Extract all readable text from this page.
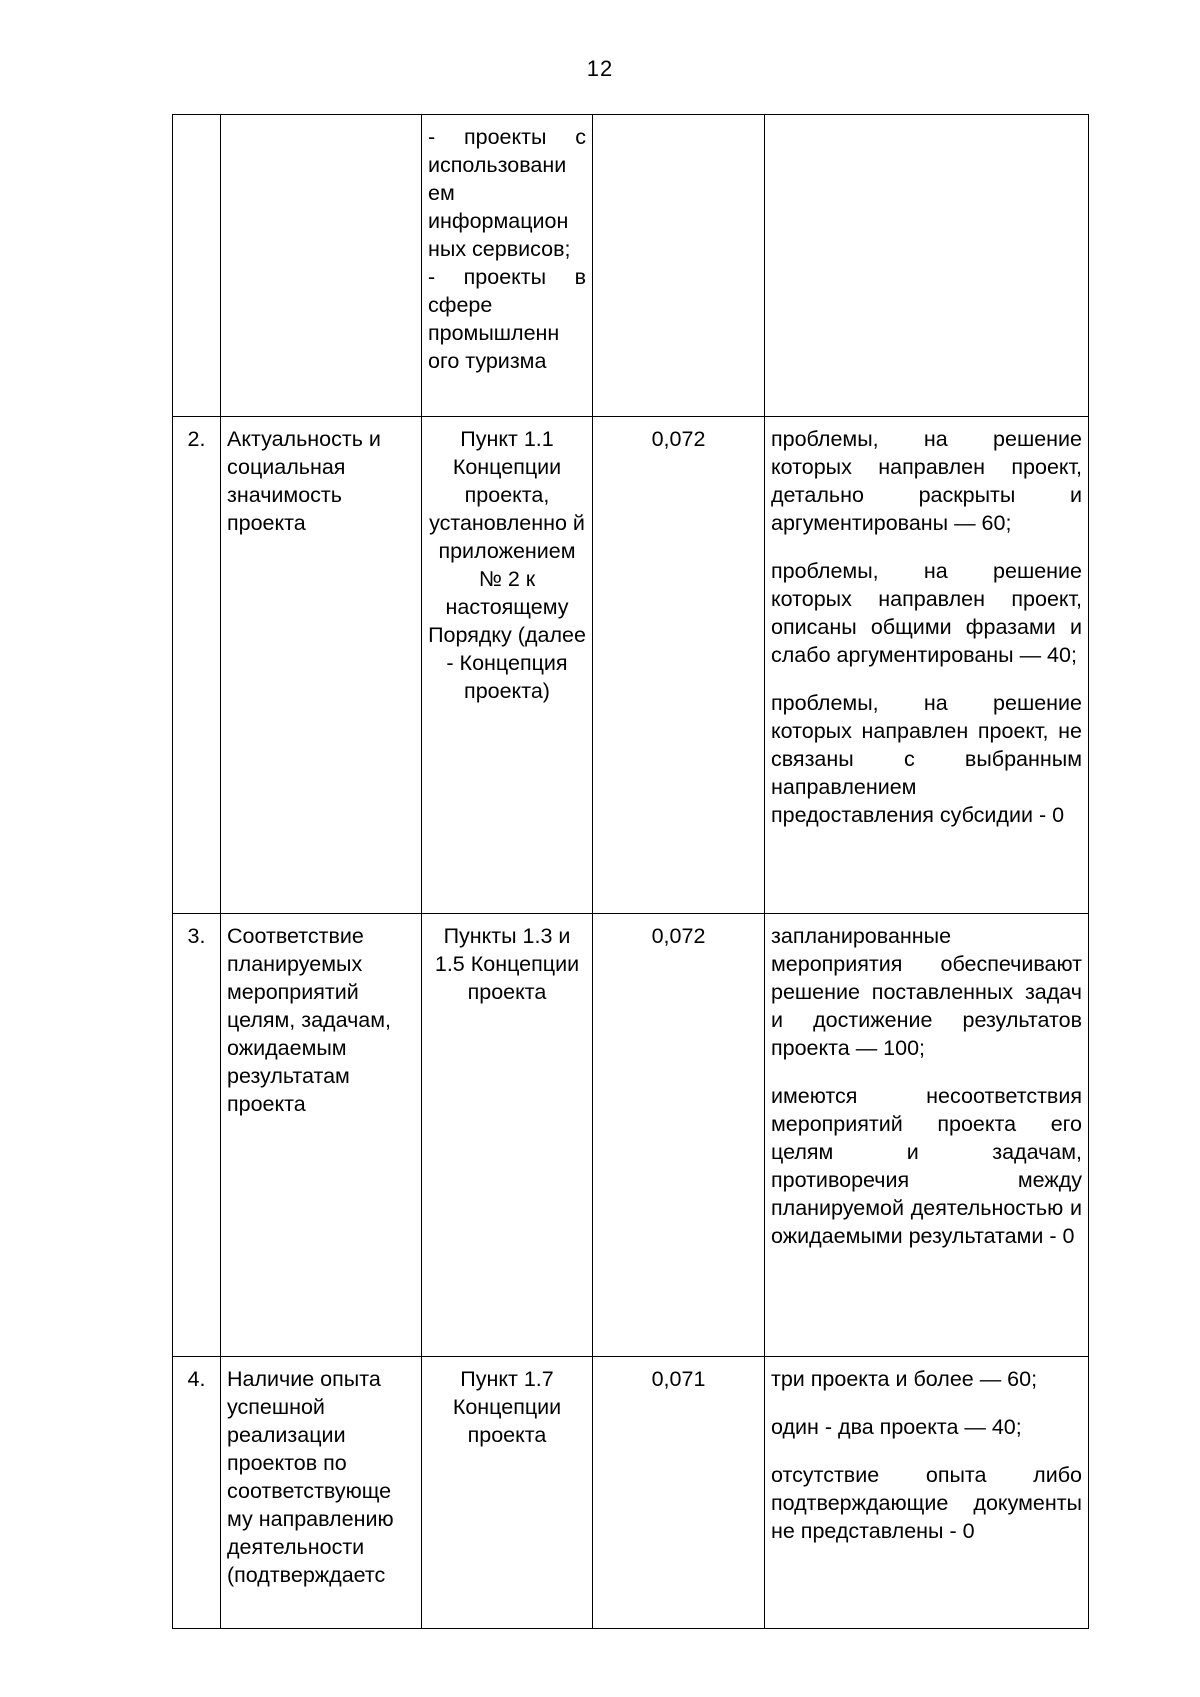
12

		- проекты с использовани ем информацион ных сервисов;
- проекты в сфере промышленн ого туризма		

2.	Актуальность и социальная значимость проекта	Пункт 1.1 Концепции проекта, установленно й приложением № 2 к настоящему Порядку (далее - Концепция проекта)	0,072	проблемы, на решение которых направлен проект, детально раскрыты и аргументированы — 60;
проблемы, на решение которых направлен проект, описаны общими фразами и слабо аргументированы — 40;
проблемы, на решение которых направлен проект, не связаны с выбранным направлением предоставления субсидии - 0

3.	Соответствие планируемых мероприятий целям, задачам, ожидаемым результатам проекта	Пункты 1.3 и 1.5 Концепции проекта	0,072	запланированные мероприятия обеспечивают решение поставленных задач и достижение результатов проекта — 100;
имеются несоответствия мероприятий проекта его целям и задачам, противоречия между планируемой деятельностью и ожидаемыми результатами - 0

4.	Наличие опыта успешной реализации проектов по соответствующе му направлению деятельности (подтверждаетс	Пункт 1.7 Концепции проекта	0,071	три проекта и более — 60;
один - два проекта — 40;
отсутствие опыта либо подтверждающие документы не представлены - 0
